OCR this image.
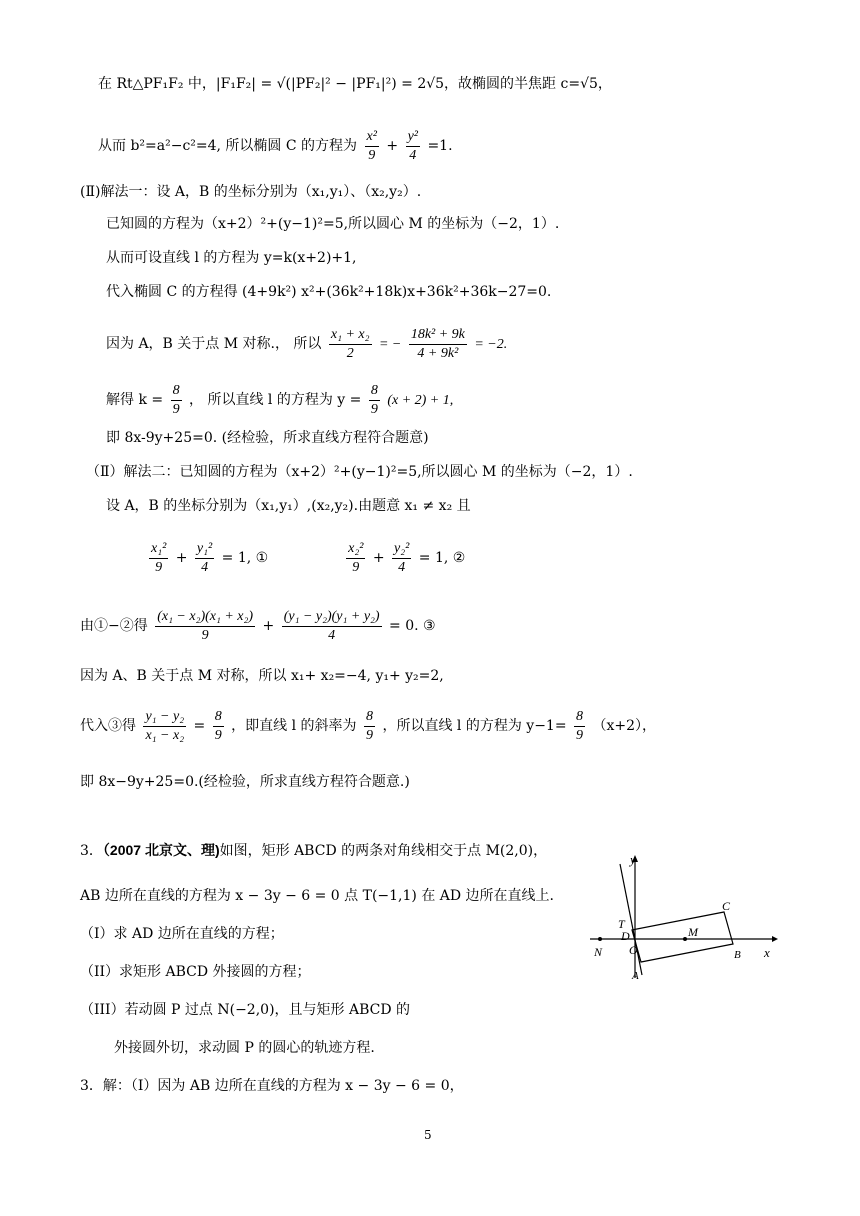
在 Rt△PF₁F₂ 中，|F₁F₂| = √(|PF₂|² − |PF₁|²) = 2√5，故椭圆的半焦距 c=√5，
从而 b²=a²−c²=4, 所以椭圆 C 的方程为 $\frac{\text{x²}}{9} + \frac{\text{y²}}{4} =1$.
(Ⅱ)解法一：设 A，B 的坐标分别为（x₁,y₁）、（x₂,y₂）.
已知圆的方程为（x+2）²+(y−1)²=5,所以圆心 M 的坐标为（−2，1）.
从而可设直线 l 的方程为 y=k(x+2)+1,
代入椭圆 C 的方程得 (4+9k²) x²+(36k²+18k)x+36k²+36k−27=0.
因为 A，B 关于点 M 对称.， 所以 $\frac{\text{x₁ + x₂}}{2}$ = − $\frac{\text{18k² + 9k}}{\text{4 + 9k²}} = -2$.
解得 $k = \frac{8}{9}$ ， 所以直线 l 的方程为 $y = \frac{8}{9} (x + 2) + 1$,
即 8x-9y+25=0. (经检验，所求直线方程符合题意)
（Ⅱ）解法二：已知圆的方程为（x+2）²+(y−1)²=5,所以圆心 M 的坐标为（−2，1）.
设 A，B 的坐标分别为（x₁,y₁）,(x₂,y₂).由题意 x₁ ≠ x₂ 且
$\frac{\text{x₁²}}{9} + \frac{\text{y₁²}}{4} = 1$, ①	$\frac{\text{x₂²}}{9} + \frac{\text{y₂²}}{4} = 1$, ②
由①−②得 $\frac{\text{(x₁ − x₂)(x₁ + x₂)}}{9} + \frac{\text{(y₁ − y₂)(y₁ + y₂)}}{4} = 0$. ③
因为 A、B 关于点 M 对称，所以 x₁+ x₂=−4, y₁+ y₂=2,
代入③得 $\frac{\text{y₁ − y₂}}{\text{x₁ − x₂}} = \frac{8}{9}$ ，即直线 l 的斜率为 $\frac{8}{9}$ ，所以直线 l 的方程为 $y-1= \frac{8}{9} (x+2)$，
即 8x−9y+25=0.(经检验，所求直线方程符合题意.)
3．（2007 北京文、理)如图，矩形 ABCD 的两条对角线相交于点 M(2,0)，
AB 边所在直线的方程为 x − 3y − 6 = 0 点 T(−1,1) 在 AD 边所在直线上.
（I）求 AD 边所在直线的方程；
（II）求矩形 ABCD 外接圆的方程；
（III）若动圆 P 过点 N(−2,0)，且与矩形 ABCD 的
外接圆外切，求动圆 P 的圆心的轨迹方程.
3．解：（I）因为 AB 边所在直线的方程为 x − 3y − 6 = 0，
y
x
T
D
C
M
N O	B
A
5
